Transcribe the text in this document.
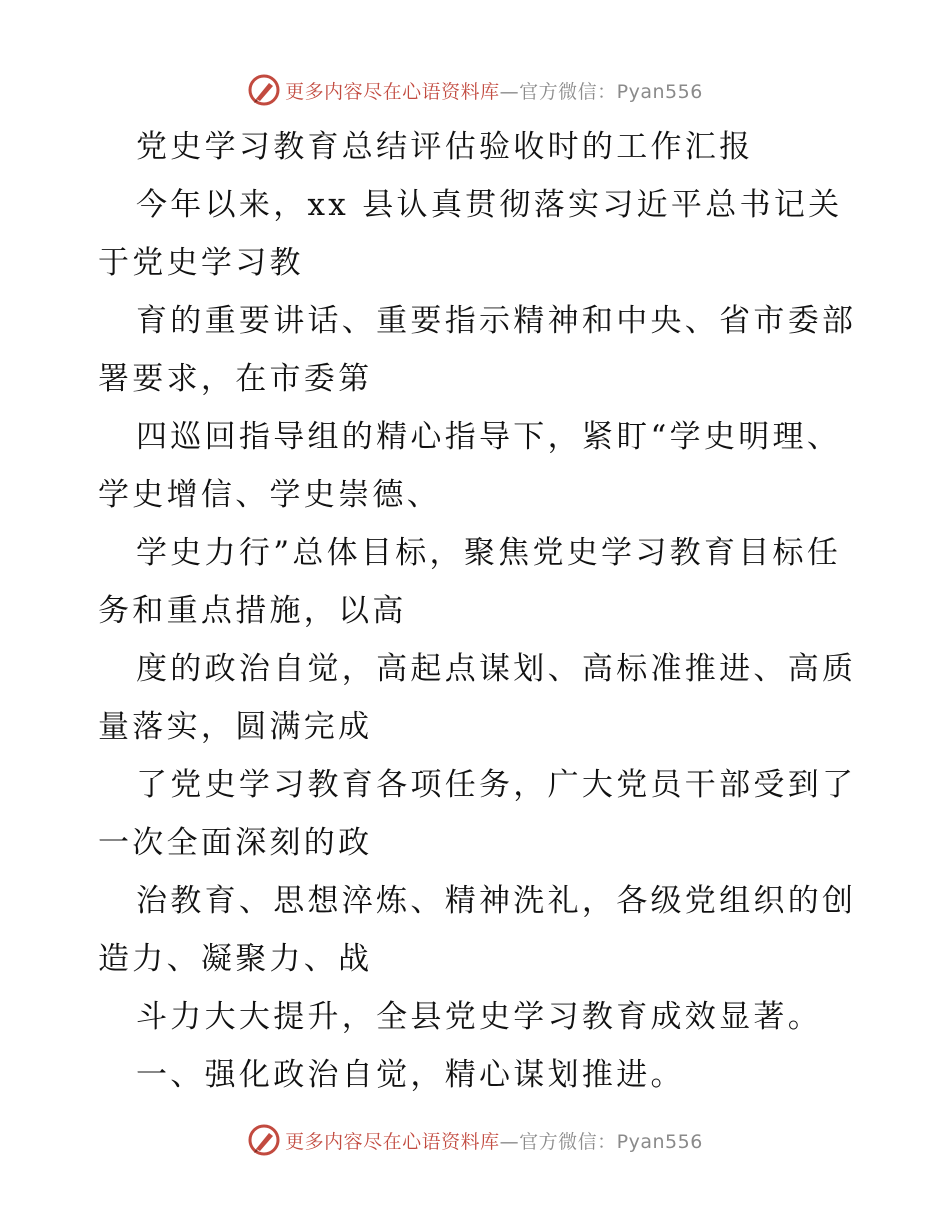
更多内容尽在心语资料库—官方微信：Pyan556
党史学习教育总结评估验收时的工作汇报
今年以来，xx 县认真贯彻落实习近平总书记关
于党史学习教
育的重要讲话、重要指示精神和中央、省市委部
署要求，在市委第
四巡回指导组的精心指导下，紧盯“学史明理、
学史增信、学史崇德、
学史力行”总体目标，聚焦党史学习教育目标任
务和重点措施，以高
度的政治自觉，高起点谋划、高标准推进、高质
量落实，圆满完成
了党史学习教育各项任务，广大党员干部受到了
一次全面深刻的政
治教育、思想淬炼、精神洗礼，各级党组织的创
造力、凝聚力、战
斗力大大提升，全县党史学习教育成效显著。
一、强化政治自觉，精心谋划推进。
更多内容尽在心语资料库—官方微信：Pyan556
